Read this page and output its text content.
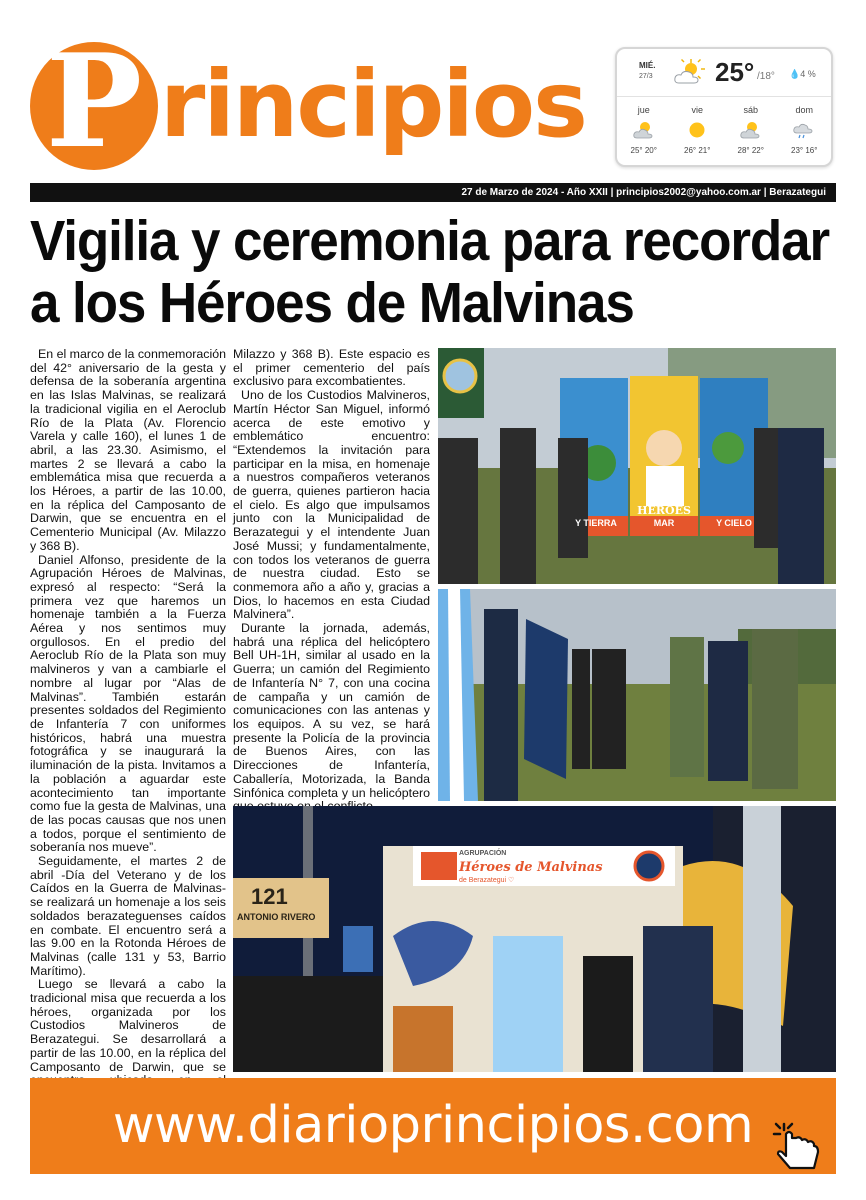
P rincipios	MIÉ.
27/3 25° /18° 💧4 %
jue
25° 20°
vie
26° 21°
sáb
28° 22°
dom
23° 16°
27 de Marzo de 2024 - Año XXII | principios2002@yahoo.com.ar | Berazategui
Vigilia y ceremonia para recordar
a los Héroes de Malvinas

En el marco de la conmemoración del 42° aniversario de la gesta y defensa de la soberanía argentina en las Islas Malvinas, se realizará la tradicional vigilia en el Aeroclub Río de la Plata (Av. Florencio Varela y calle 160), el lunes 1 de abril, a las 23.30. Asimismo, el martes 2 se llevará a cabo la emblemática misa que recuerda a los Héroes, a partir de las 10.00, en la réplica del Camposanto de Darwin, que se encuentra en el Cementerio Municipal (Av. Milazzo y 368 B).

Daniel Alfonso, presidente de la Agrupación Héroes de Malvinas, expresó al respecto: “Será la primera vez que haremos un homenaje también a la Fuerza Aérea y nos sentimos muy orgullosos. En el predio del Aeroclub Río de la Plata son muy malvineros y van a cambiarle el nombre al lugar por “Alas de Malvinas”. También estarán presentes soldados del Regimiento de Infantería 7 con uniformes históricos, habrá una muestra fotográfica y se inaugurará la iluminación de la pista. Invitamos a la población a aguardar este acontecimiento tan importante como fue la gesta de Malvinas, una de las pocas causas que nos unen a todos, porque el sentimiento de soberanía nos mueve”.

Seguidamente, el martes 2 de abril -Día del Veterano y de los Caídos en la Guerra de Malvinas- se realizará un homenaje a los seis soldados berazateguenses caídos en combate. El encuentro será a las 9.00 en la Rotonda Héroes de Malvinas (calle 131 y 53, Barrio Marítimo).

Luego se llevará a cabo la tradicional misa que recuerda a los héroes, organizada por los Custodios Malvineros de Berazategui. Se desarrollará a partir de las 10.00, en la réplica del Camposanto de Darwin, que se

Milazzo y 368 B). Este espacio es el primer cementerio del país exclusivo para excombatientes.

Uno de los Custodios Malvineros, Martín Héctor San Miguel, informó acerca de este emotivo y emblemático encuentro: “Extendemos la invitación para participar en la misa, en homenaje a nuestros compañeros veteranos de guerra, quienes partieron hacia el cielo. Es algo que impulsamos junto con la Municipalidad de Berazategui y el intendente Juan José Mussi; y fundamentalmente, con todos los veteranos de guerra de nuestra ciudad. Esto se conmemora año a año y, gracias a Dios, lo hacemos en esta Ciudad Malvinera”.

Durante la jornada, además, habrá una réplica del helicóptero Bell UH-1H, similar al usado en la Guerra; un camión del Regimiento de Infantería N° 7, con una cocina de campaña y un camión de comunicaciones con las antenas y los equipos. A su vez, se hará presente la Policía de la provincia de Buenos Aires, con las Direcciones de Infantería, Caballería, Motorizada, la Banda Sinfónica completa y un helicóptero

Y TIERRA
HÉROES
MAR	Y CIELO
AGRUPACIÓN
Héroes de Malvinas
de Berazategui ♡
121
ANTONIO RIVERO
www.diarioprincipios.com
